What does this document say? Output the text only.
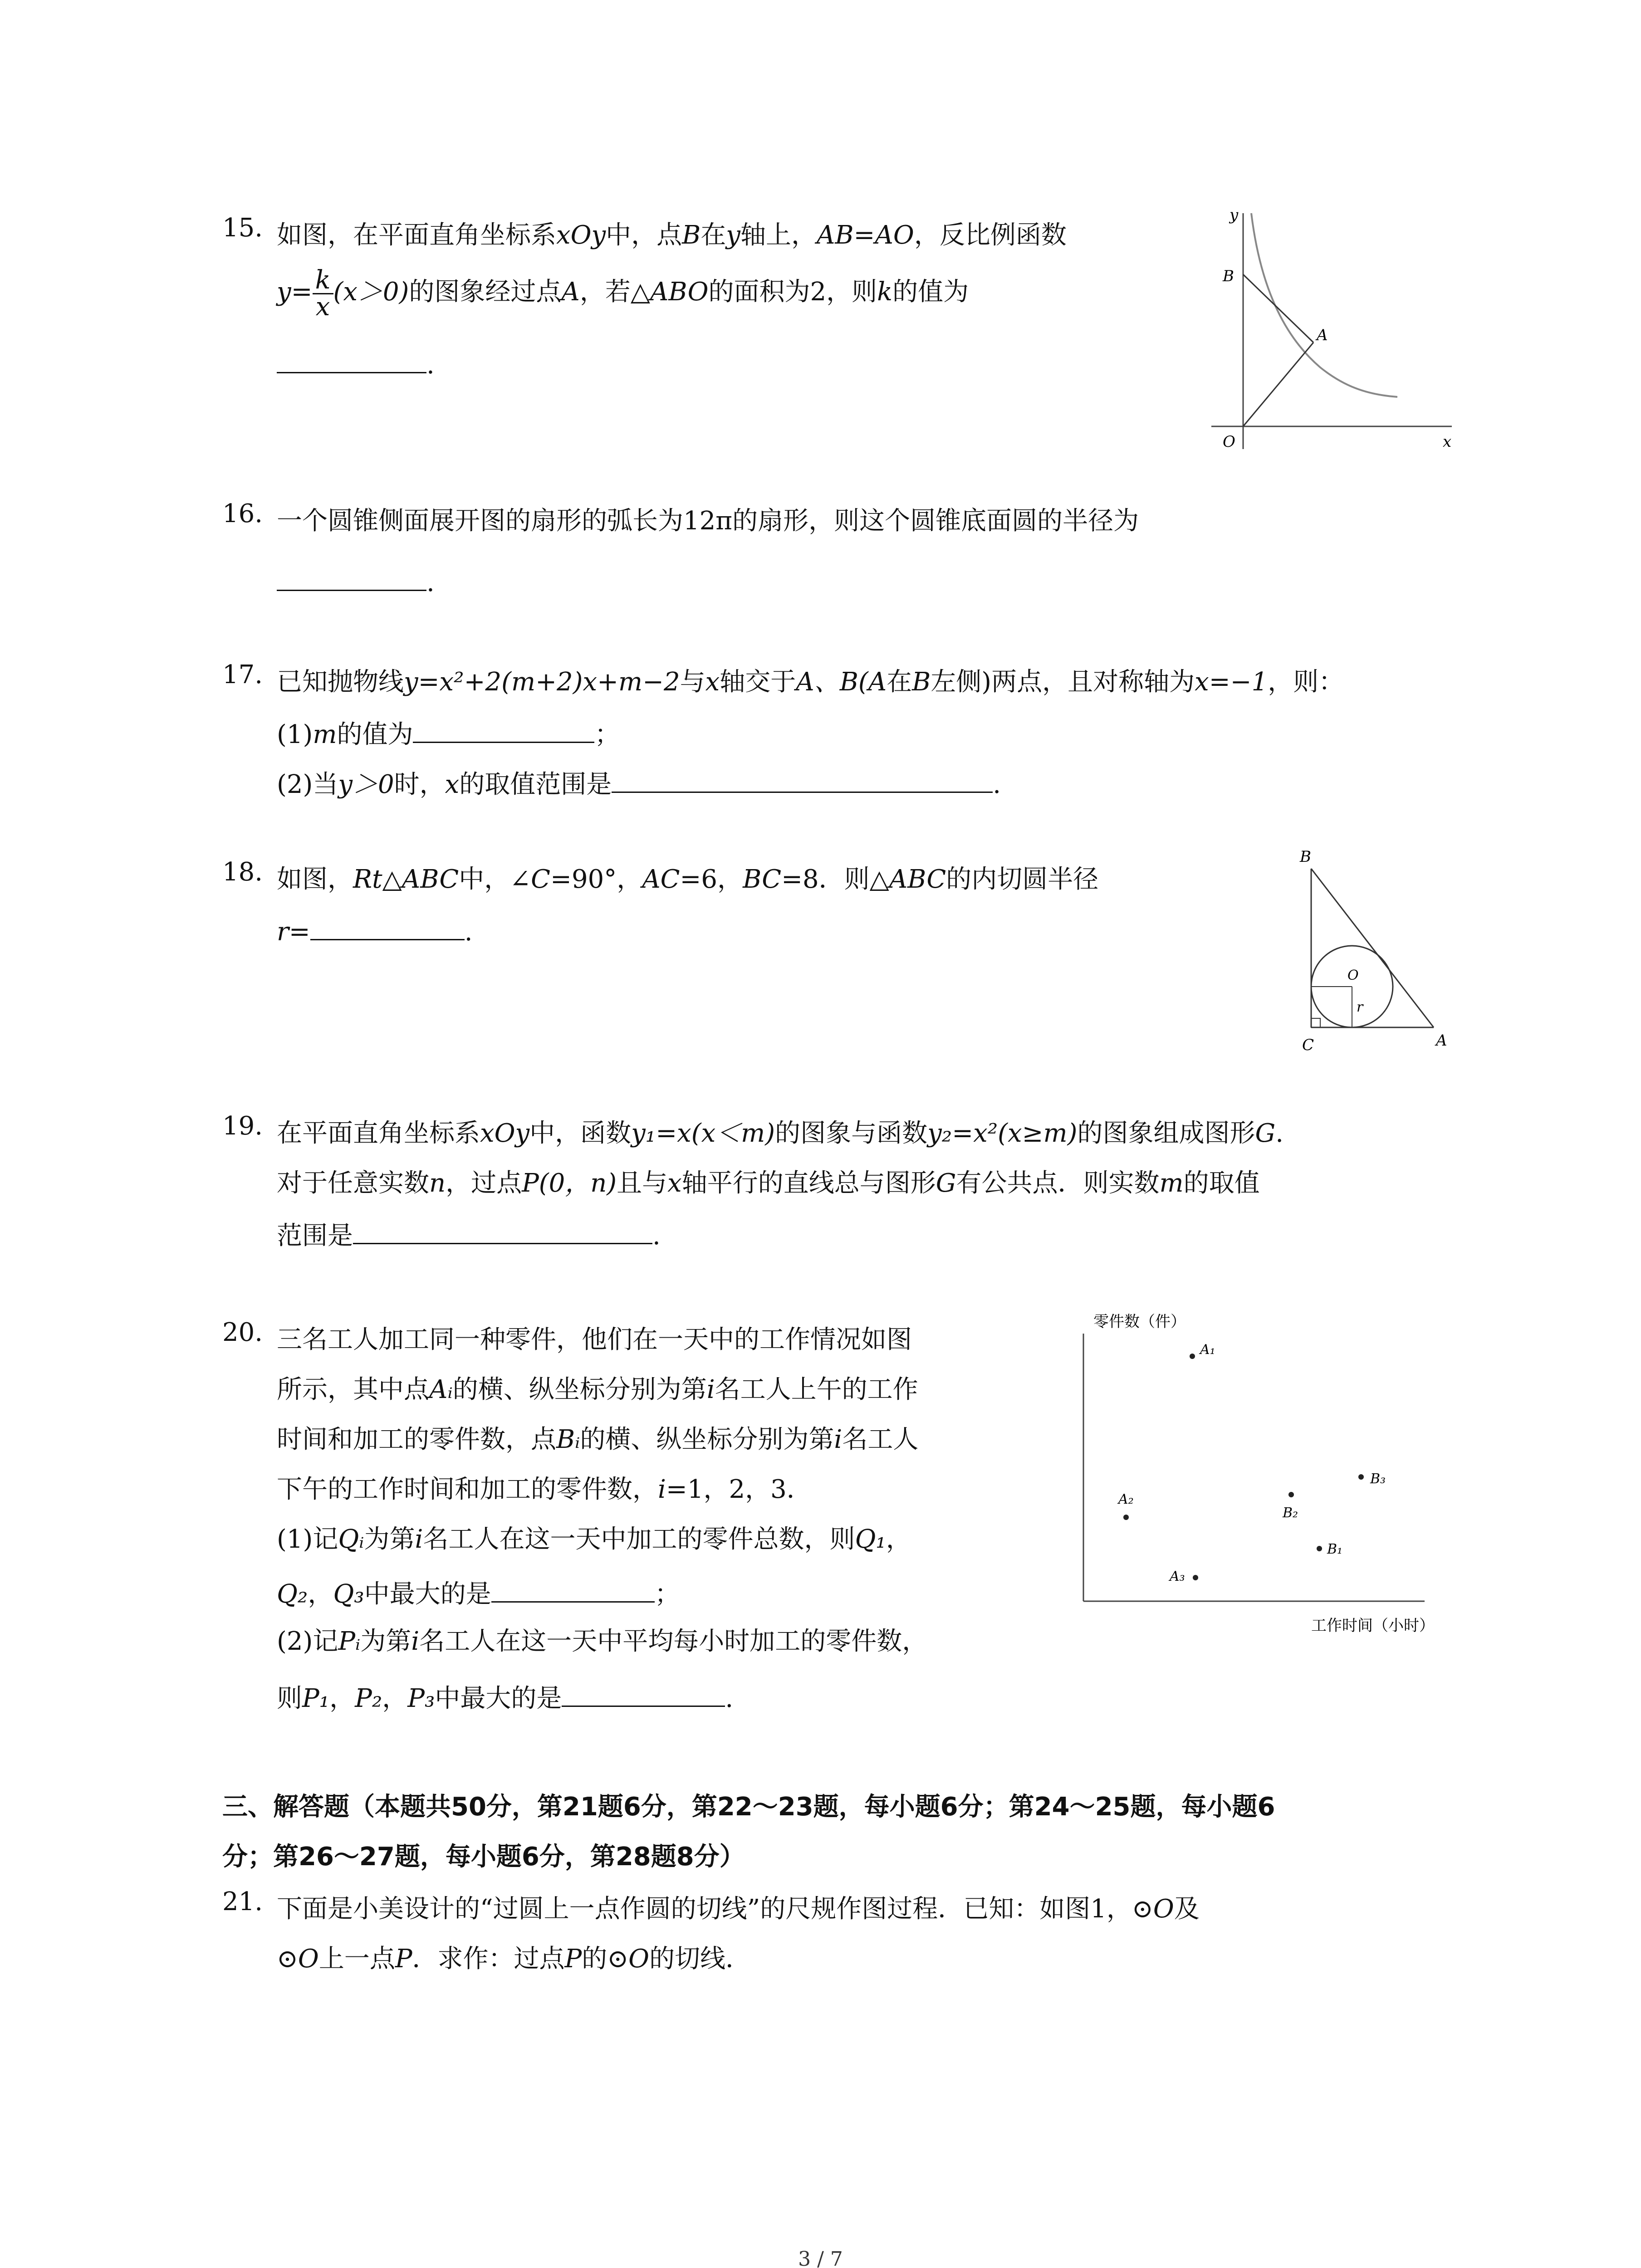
15. 如图，在平面直角坐标系xOy中，点B在y轴上，AB=AO，反比例函数
$y= \frac{k}{x} (x>0)$的图象经过点A，若△ABO的面积为2，则k的值为
.
y
x
O
B
A
16. 一个圆锥侧面展开图的扇形的弧长为12π的扇形，则这个圆锥底面圆的半径为
.
17. 已知抛物线y=x²+2(m+2)x+m−2与x轴交于A、B(A在B左侧)两点，且对称轴为x=−1，则：
(1)m的值为	；
(2)当y＞0时，x的取值范围是	.
18. 如图，Rt△ABC中，∠C=90°，AC=6，BC=8．则△ABC的内切圆半径
r=	.
B
C	A
O
r
19. 在平面直角坐标系xOy中，函数y₁=x(x＜m)的图象与函数y₂=x²(x≥m)的图象组成图形G.
对于任意实数n，过点P(0，n)且与x轴平行的直线总与图形G有公共点．则实数m的取值
范围是	.
20. 三名工人加工同一种零件，他们在一天中的工作情况如图
所示，其中点Aᵢ的横、纵坐标分别为第i名工人上午的工作
时间和加工的零件数，点Bᵢ的横、纵坐标分别为第i名工人
下午的工作时间和加工的零件数，i=1，2，3．
(1)记Qᵢ为第i名工人在这一天中加工的零件总数，则Q₁，
Q₂，Q₃中最大的是	；
(2)记Pᵢ为第i名工人在这一天中平均每小时加工的零件数，
则P₁，P₂，P₃中最大的是	.
零件数（件）
工作时间（小时）
A₁
A₂
A₃
B₁
B₂
B₃
三、解答题（本题共50分，第21题6分，第22～23题，每小题6分；第24～25题，每小题6
分；第26～27题，每小题6分，第28题8分）
21. 下面是小美设计的“过圆上一点作圆的切线”的尺规作图过程．已知：如图1，⊙O及
⊙O上一点P．求作：过点P的⊙O的切线．
3 / 7
